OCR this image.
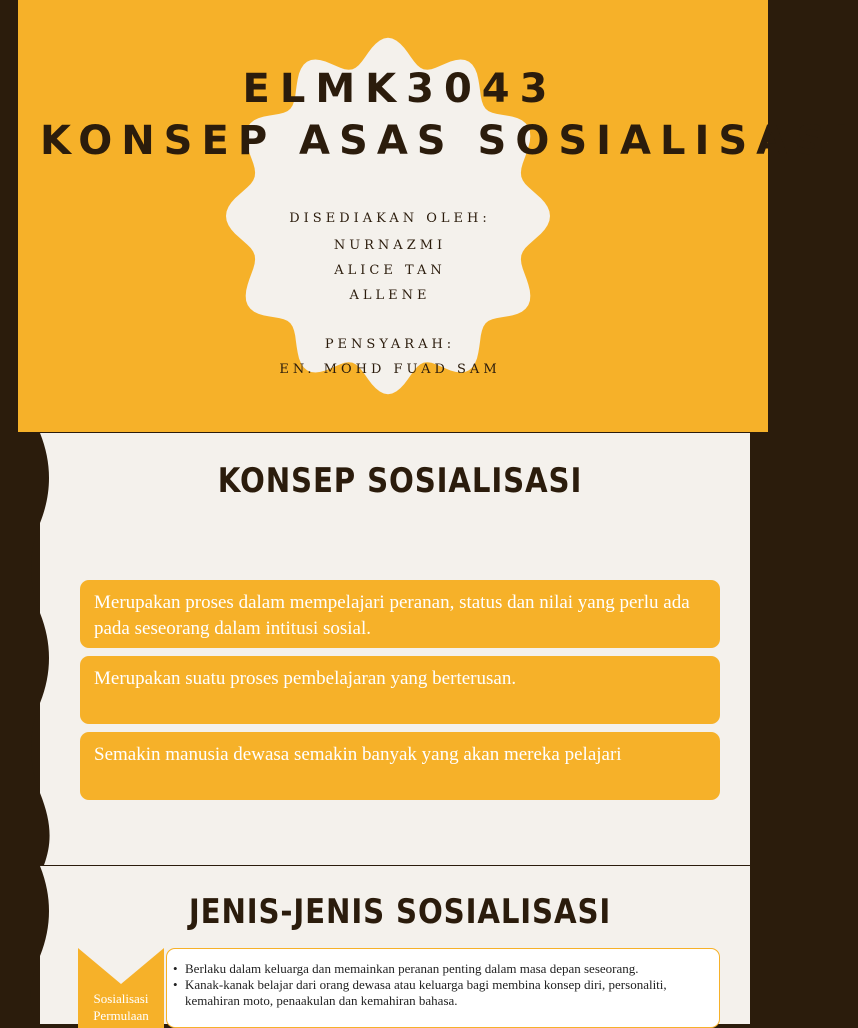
ELMK3043
KONSEP ASAS SOSIALISASI
DISEDIAKAN OLEH:
NURNAZMI
ALICE TAN
ALLENE
PENSYARAH:
EN. MOHD FUAD SAM
KONSEP SOSIALISASI
Merupakan proses dalam mempelajari peranan, status dan nilai yang perlu ada pada seseorang dalam intitusi sosial.
Merupakan suatu proses pembelajaran yang berterusan.
Semakin manusia dewasa semakin banyak yang akan mereka pelajari
JENIS-JENIS SOSIALISASI
Sosialisasi Permulaan
• Berlaku dalam keluarga dan memainkan peranan penting dalam masa depan seseorang.
• Kanak-kanak belajar dari orang dewasa atau keluarga bagi membina konsep diri, personaliti, kemahiran moto, penaakulan dan kemahiran bahasa.
